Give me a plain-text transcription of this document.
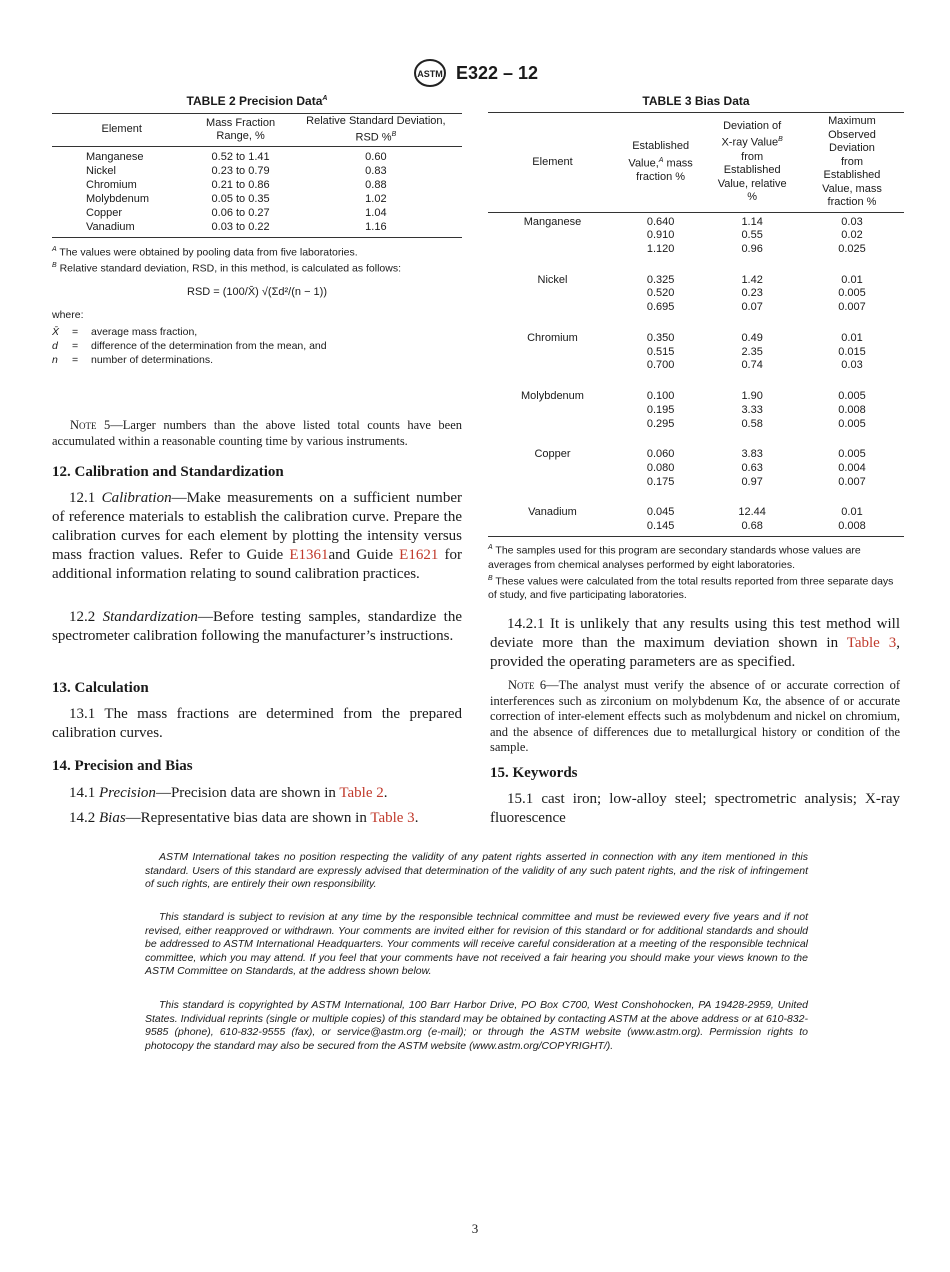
ASTM E322 – 12
TABLE 2 Precision Data$^A$
Element	Mass Fraction Range, %	Relative Standard Deviation, RSD %$^B$
Manganese	0.52 to 1.41	0.60
Nickel	0.23 to 0.79	0.83
Chromium	0.21 to 0.86	0.88
Molybdenum	0.05 to 0.35	1.02
Copper	0.06 to 0.27	1.04
Vanadium	0.03 to 0.22	1.16
$^A$ The values were obtained by pooling data from five laboratories.
$^B$ Relative standard deviation, RSD, in this method, is calculated as follows:
RSD = (100/X̄) √(Σd²/(n − 1))
where:
X̄	=	average mass fraction,
d	=	difference of the determination from the mean, and
n	=	number of determinations.
Note 5—Larger numbers than the above listed total counts have been accumulated within a reasonable counting time by various instruments.
12. Calibration and Standardization
12.1 Calibration—Make measurements on a sufficient number of reference materials to establish the calibration curve. Prepare the calibration curves for each element by plotting the intensity versus mass fraction values. Refer to Guide E1361and Guide E1621 for additional information relating to sound calibration practices.
12.2 Standardization—Before testing samples, standardize the spectrometer calibration following the manufacturer’s instructions.
13. Calculation
13.1 The mass fractions are determined from the prepared calibration curves.
14. Precision and Bias
14.1 Precision—Precision data are shown in Table 2.
14.2 Bias—Representative bias data are shown in Table 3.
TABLE 3 Bias Data
Element	Established Value,$^A$ mass fraction %	Deviation of X-ray Value$^B$ from Established Value, relative %	Maximum Observed Deviation from Established Value, mass fraction %
Manganese	0.640	1.14	0.03
	0.910	0.55	0.02
	1.120	0.96	0.025

Nickel	0.325	1.42	0.01
	0.520	0.23	0.005
	0.695	0.07	0.007

Chromium	0.350	0.49	0.01
	0.515	2.35	0.015
	0.700	0.74	0.03

Molybdenum	0.100	1.90	0.005
	0.195	3.33	0.008
	0.295	0.58	0.005

Copper	0.060	3.83	0.005
	0.080	0.63	0.004
	0.175	0.97	0.007

Vanadium	0.045	12.44	0.01
	0.145	0.68	0.008
$^A$ The samples used for this program are secondary standards whose values are averages from chemical analyses performed by eight laboratories.
$^B$ These values were calculated from the total results reported from three separate days of study, and five participating laboratories.
14.2.1 It is unlikely that any results using this test method will deviate more than the maximum deviation shown in Table 3, provided the operating parameters are as specified.
Note 6—The analyst must verify the absence of or accurate correction of interferences such as zirconium on molybdenum Kα, the absence of or accurate correction of inter-element effects such as molybdenum and nickel on chromium, and the absence of differences due to metallurgical history or condition of the sample.
15. Keywords
15.1 cast iron; low-alloy steel; spectrometric analysis; X-ray fluorescence
ASTM International takes no position respecting the validity of any patent rights asserted in connection with any item mentioned in this standard. Users of this standard are expressly advised that determination of the validity of any such patent rights, and the risk of infringement of such rights, are entirely their own responsibility.
This standard is subject to revision at any time by the responsible technical committee and must be reviewed every five years and if not revised, either reapproved or withdrawn. Your comments are invited either for revision of this standard or for additional standards and should be addressed to ASTM International Headquarters. Your comments will receive careful consideration at a meeting of the responsible technical committee, which you may attend. If you feel that your comments have not received a fair hearing you should make your views known to the ASTM Committee on Standards, at the address shown below.
This standard is copyrighted by ASTM International, 100 Barr Harbor Drive, PO Box C700, West Conshohocken, PA 19428-2959, United States. Individual reprints (single or multiple copies) of this standard may be obtained by contacting ASTM at the above address or at 610-832-9585 (phone), 610-832-9555 (fax), or service@astm.org (e-mail); or through the ASTM website (www.astm.org). Permission rights to photocopy the standard may also be secured from the ASTM website (www.astm.org/COPYRIGHT/).
3
